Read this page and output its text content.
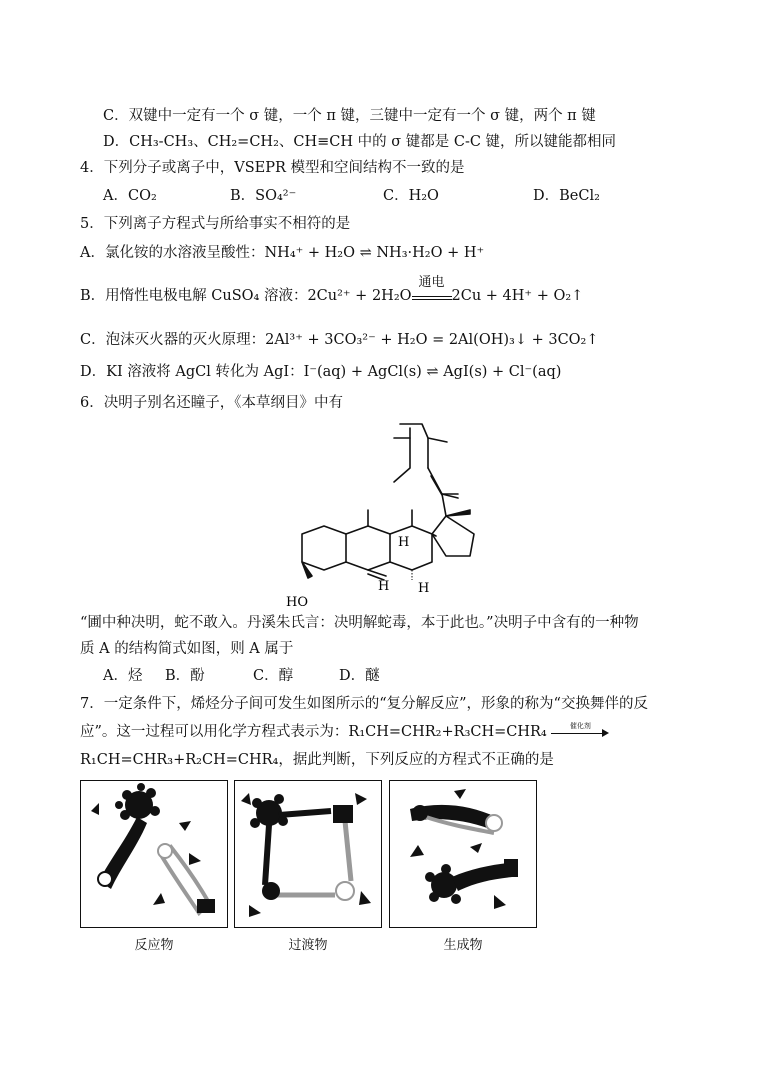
C．双键中一定有一个 σ 键，一个 π 键，三键中一定有一个 σ 键，两个 π 键
D．CH₃-CH₃、CH₂=CH₂、CH≡CH 中的 σ 键都是 C-C 键，所以键能都相同
4．下列分子或离子中，VSEPR 模型和空间结构不一致的是
A．CO₂	B．SO₄²⁻	C．H₂O	D．BeCl₂
5．下列离子方程式与所给事实不相符的是
A．氯化铵的水溶液呈酸性：NH₄⁺ + H₂O ⇌ NH₃·H₂O + H⁺
B．用惰性电极电解 CuSO₄ 溶液：2Cu²⁺ + 2H₂O
通电
2Cu + 4H⁺ + O₂↑
C．泡沫灭火器的灭火原理：2Al³⁺ + 3CO₃²⁻ + H₂O = 2Al(OH)₃↓ + 3CO₂↑
D．KI 溶液将 AgCl 转化为 AgI：I⁻(aq) + AgCl(s) ⇌ AgI(s) + Cl⁻(aq)
6．决明子别名还瞳子，《本草纲目》中有
HO
H
H H
“圃中种决明，蛇不敢入。丹溪朱氏言：决明解蛇毒，本于此也。”决明子中含有的一种物
质 A 的结构简式如图，则 A 属于
A．烃 B．酚	C．醇	D．醚
7．一定条件下，烯烃分子间可发生如图所示的“复分解反应”，形象的称为“交换舞伴的反
应”。这一过程可以用化学方程式表示为：R₁CH=CHR₂+R₃CH=CHR₄	催化剂
R₁CH=CHR₃+R₂CH=CHR₄，据此判断，下列反应的方程式不正确的是
反应物	过渡物	生成物
